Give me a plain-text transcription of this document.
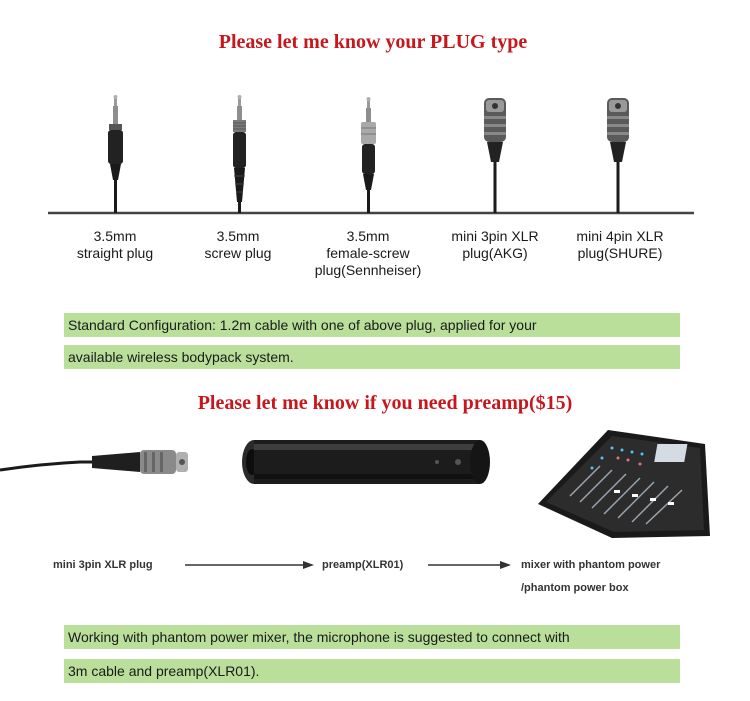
Please let me know your PLUG type
3.5mm
straight plug
3.5mm
screw plug
3.5mm
female-screw
plug(Sennheiser)
mini 3pin XLR
plug(AKG)
mini 4pin XLR
plug(SHURE)
Standard Configuration: 1.2m cable with one of above plug, applied for your
available wireless bodypack system.
Please let me know if you need preamp($15)
mini 3pin XLR plug	preamp(XLR01)	mixer with phantom power
/phantom power box
Working with phantom power mixer, the microphone is suggested to connect with
3m cable and preamp(XLR01).
